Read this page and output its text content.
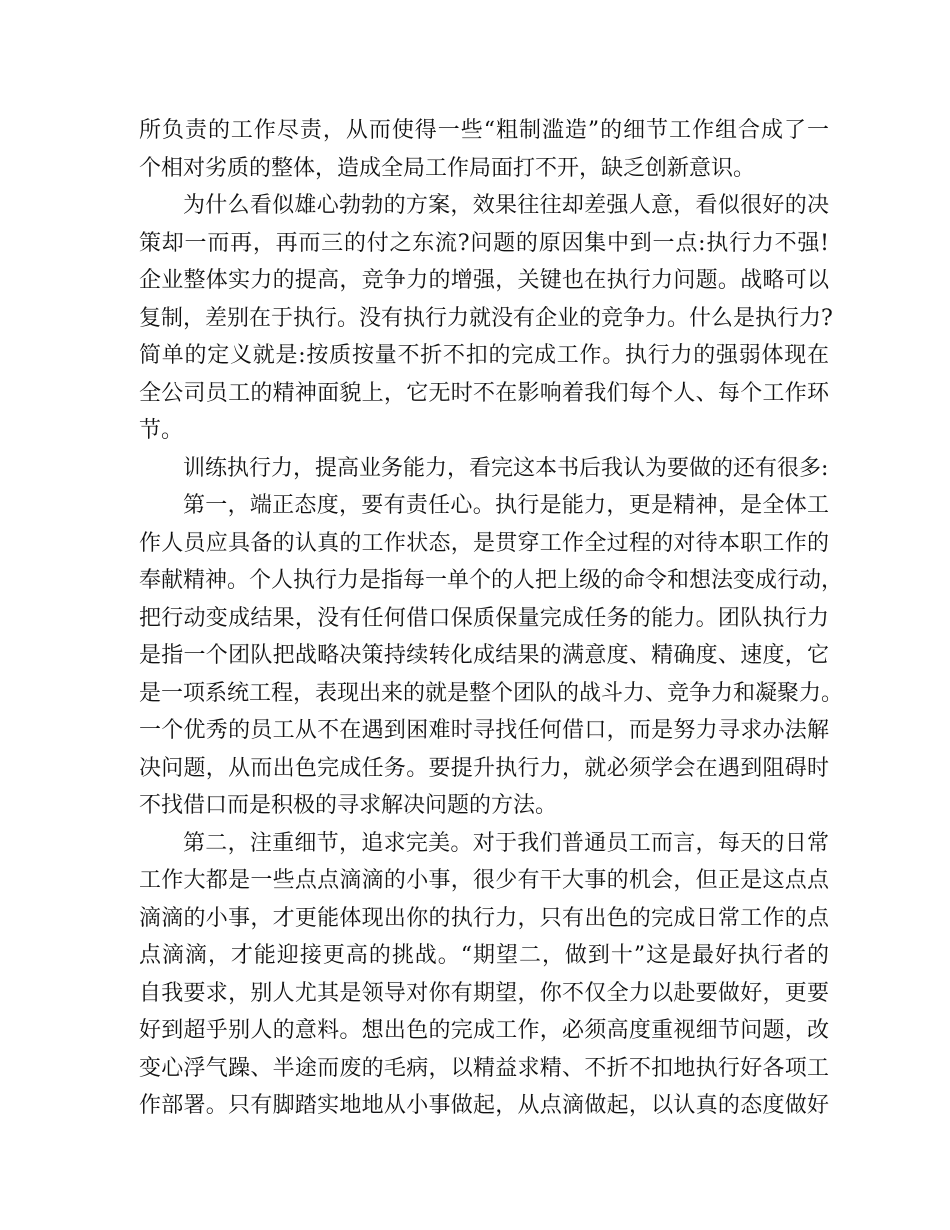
所负责的工作尽责，从而使得一些“粗制滥造”的细节工作组合成了一
个相对劣质的整体，造成全局工作局面打不开，缺乏创新意识。
为什么看似雄心勃勃的方案，效果往往却差强人意，看似很好的决
策却一而再，再而三的付之东流?问题的原因集中到一点:执行力不强!
企业整体实力的提高，竞争力的增强，关键也在执行力问题。战略可以
复制，差别在于执行。没有执行力就没有企业的竞争力。什么是执行力?
简单的定义就是:按质按量不折不扣的完成工作。执行力的强弱体现在
全公司员工的精神面貌上，它无时不在影响着我们每个人、每个工作环
节。
训练执行力，提高业务能力，看完这本书后我认为要做的还有很多:
第一，端正态度，要有责任心。执行是能力，更是精神，是全体工
作人员应具备的认真的工作状态，是贯穿工作全过程的对待本职工作的
奉献精神。个人执行力是指每一单个的人把上级的命令和想法变成行动，
把行动变成结果，没有任何借口保质保量完成任务的能力。团队执行力
是指一个团队把战略决策持续转化成结果的满意度、精确度、速度，它
是一项系统工程，表现出来的就是整个团队的战斗力、竞争力和凝聚力。
一个优秀的员工从不在遇到困难时寻找任何借口，而是努力寻求办法解
决问题，从而出色完成任务。要提升执行力，就必须学会在遇到阻碍时
不找借口而是积极的寻求解决问题的方法。
第二，注重细节，追求完美。对于我们普通员工而言，每天的日常
工作大都是一些点点滴滴的小事，很少有干大事的机会，但正是这点点
滴滴的小事，才更能体现出你的执行力，只有出色的完成日常工作的点
点滴滴，才能迎接更高的挑战。“期望二，做到十”这是最好执行者的
自我要求，别人尤其是领导对你有期望，你不仅全力以赴要做好，更要
好到超乎别人的意料。想出色的完成工作，必须高度重视细节问题，改
变心浮气躁、半途而废的毛病，以精益求精、不折不扣地执行好各项工
作部署。只有脚踏实地地从小事做起，从点滴做起，以认真的态度做好
